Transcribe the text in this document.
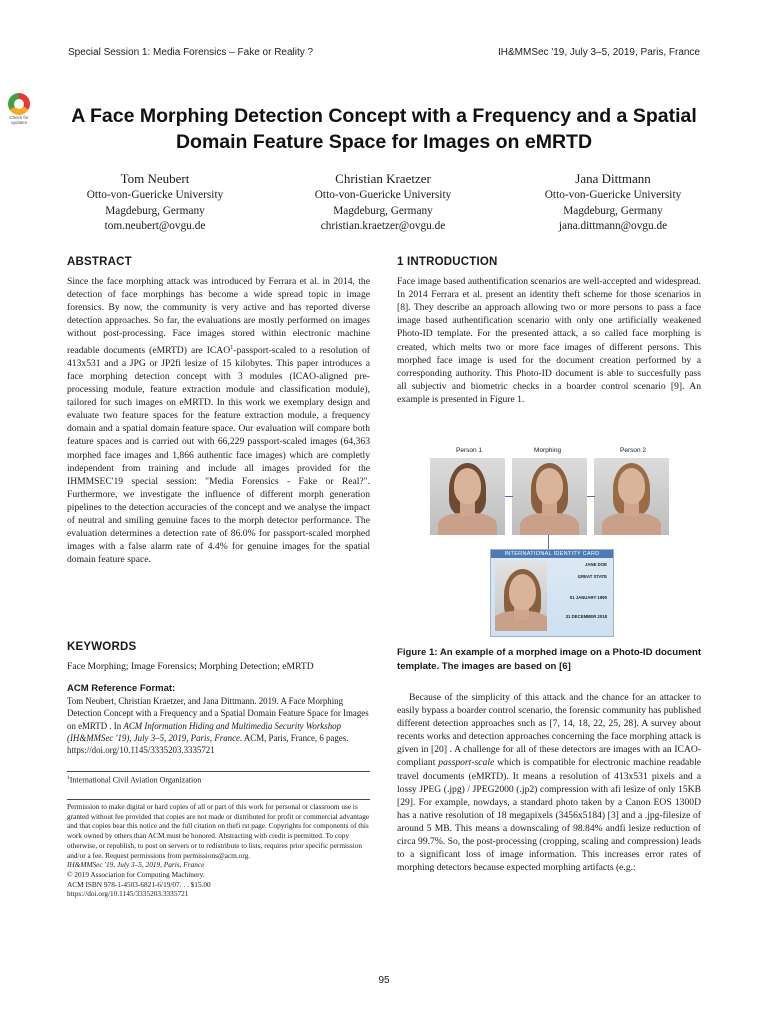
Special Session 1: Media Forensics – Fake or Reality ?	IH&MMSec '19, July 3–5, 2019, Paris, France
Check for updates	A Face Morphing Detection Concept with a Frequency and a Spatial Domain Feature Space for Images on eMRTD
Tom Neubert
Otto-von-Guericke University
Magdeburg, Germany
tom.neubert@ovgu.de
Christian Kraetzer
Otto-von-Guericke University
Magdeburg, Germany
christian.kraetzer@ovgu.de
Jana Dittmann
Otto-von-Guericke University
Magdeburg, Germany
jana.dittmann@ovgu.de
ABSTRACT

Since the face morphing attack was introduced by Ferrara et al. in 2014, the detection of face morphings has become a wide spread topic in image forensics. By now, the community is very active and has reported diverse detection approaches. So far, the evaluations are mostly performed on images without post-processing. Face images stored within electronic machine readable documents (eMRTD) are ICAO$^1$-passport-scaled to a resolution of 413x531 and a JPG or JP2fi lesize of 15 kilobytes. This paper introduces a face morphing detection concept with 3 modules (ICAO-aligned pre-processing module, feature extraction module and classification module), tailored for such images on eMRTD. In this work we exemplary design and evaluate two feature spaces for the feature extraction module, a frequency domain and a spatial domain feature space. Our evaluation will compare both feature spaces and is carried out with 66,229 passport-scaled images (64,363 morphed face images and 1,866 authentic face images) which are completly independent from training and include all images provided for the IHMMSEC'19 special session: "Media Forensics - Fake or Real?". Furthermore, we investigate the influence of different morph generation pipelines to the detection accuracies of the concept and we analyse the impact of neutral and smiling genuine faces to the morph detector performance. The evaluation determines a detection rate of 86.0% for passport-scaled morphed images with a false alarm rate of 4.4% for genuine images for the spatial domain feature space.

KEYWORDS

Face Morphing; Image Forensics; Morphing Detection; eMRTD

ACM Reference Format:

Tom Neubert, Christian Kraetzer, and Jana Dittmann. 2019. A Face Morphing Detection Concept with a Frequency and a Spatial Domain Feature Space for Images on eMRTD . In ACM Information Hiding and Multimedia Security Workshop (IH&MMSec '19), July 3–5, 2019, Paris, France. ACM, Paris, France, 6 pages. https://doi.org/10.1145/3335203.3335721

$^1$International Civil Aviation Organization
Permission to make digital or hard copies of all or part of this work for personal or classroom use is granted without fee provided that copies are not made or distributed for profit or commercial advantage and that copies bear this notice and the full citation on thefi rst page. Copyrights for components of this work owned by others than ACM must be honored. Abstracting with credit is permitted. To copy otherwise, or republish, to post on servers or to redistribute to lists, requires prior specific permission and/or a fee. Request permissions from permissions@acm.org.
IH&MMSec '19, July 3–5, 2019, Paris, France
© 2019 Association for Computing Machinery.
ACM ISBN 978-1-4503-6821-6/19/07. . . $15.00
https://doi.org/10.1145/3335203.3335721
1 INTRODUCTION

Face image based authentification scenarios are well-accepted and widespread. In 2014 Ferrara et al. present an identity theft scheme for those scenarios in [8]. They describe an approach allowing two or more persons to pass a face image based authentification scenario with only one artificially weakened Photo-ID template. For the presented attack, a so called face morphing is created, which melts two or more face images of different persons. This morphed face image is used for the document creation performed by a corresponding authority. This Photo-ID document is able to succesfully pass all subjectiv and biometric checks in a boarder control scenario [9]. An example is presented in Figure 1.

Person 1	Morphing	Person 2
INTERNATIONAL IDENTITY CARD
JANE DOE
GREAT STATE
01 JANUARY 1990
31 DECEMBER 2018
Figure 1: An example of a morphed image on a Photo-ID document template. The images are based on [6]

Because of the simplicity of this attack and the chance for an attacker to easily bypass a boarder control scenario, the forensic community has published different detection approaches such as [7, 14, 18, 22, 25, 28]. A survey about recents works and detection approaches concerning the face morphing attack is given in [20] . A challenge for all of these detectors are images with an ICAO-compliant passport-scale which is compatible for electronic machine readable travel documents (eMRTD). It means a resolution of 413x531 pixels and a lossy JPEG (.jpg) / JPEG2000 (.jp2) compression with afi lesize of only 15KB [29]. For example, nowdays, a standard photo taken by a Canon EOS 1300D has a native resolution of 18 megapixels (3456x5184) [3] and a .jpg-filesize of around 5 MB. This means a downscaling of 98.84% andfi lesize reduction of circa 99.7%. So, the post-processing (cropping, scaling and compression) leads to a significant loss of image information. This increases error rates of morphing detectors because expected morphing artifacts (e.g.:

95
